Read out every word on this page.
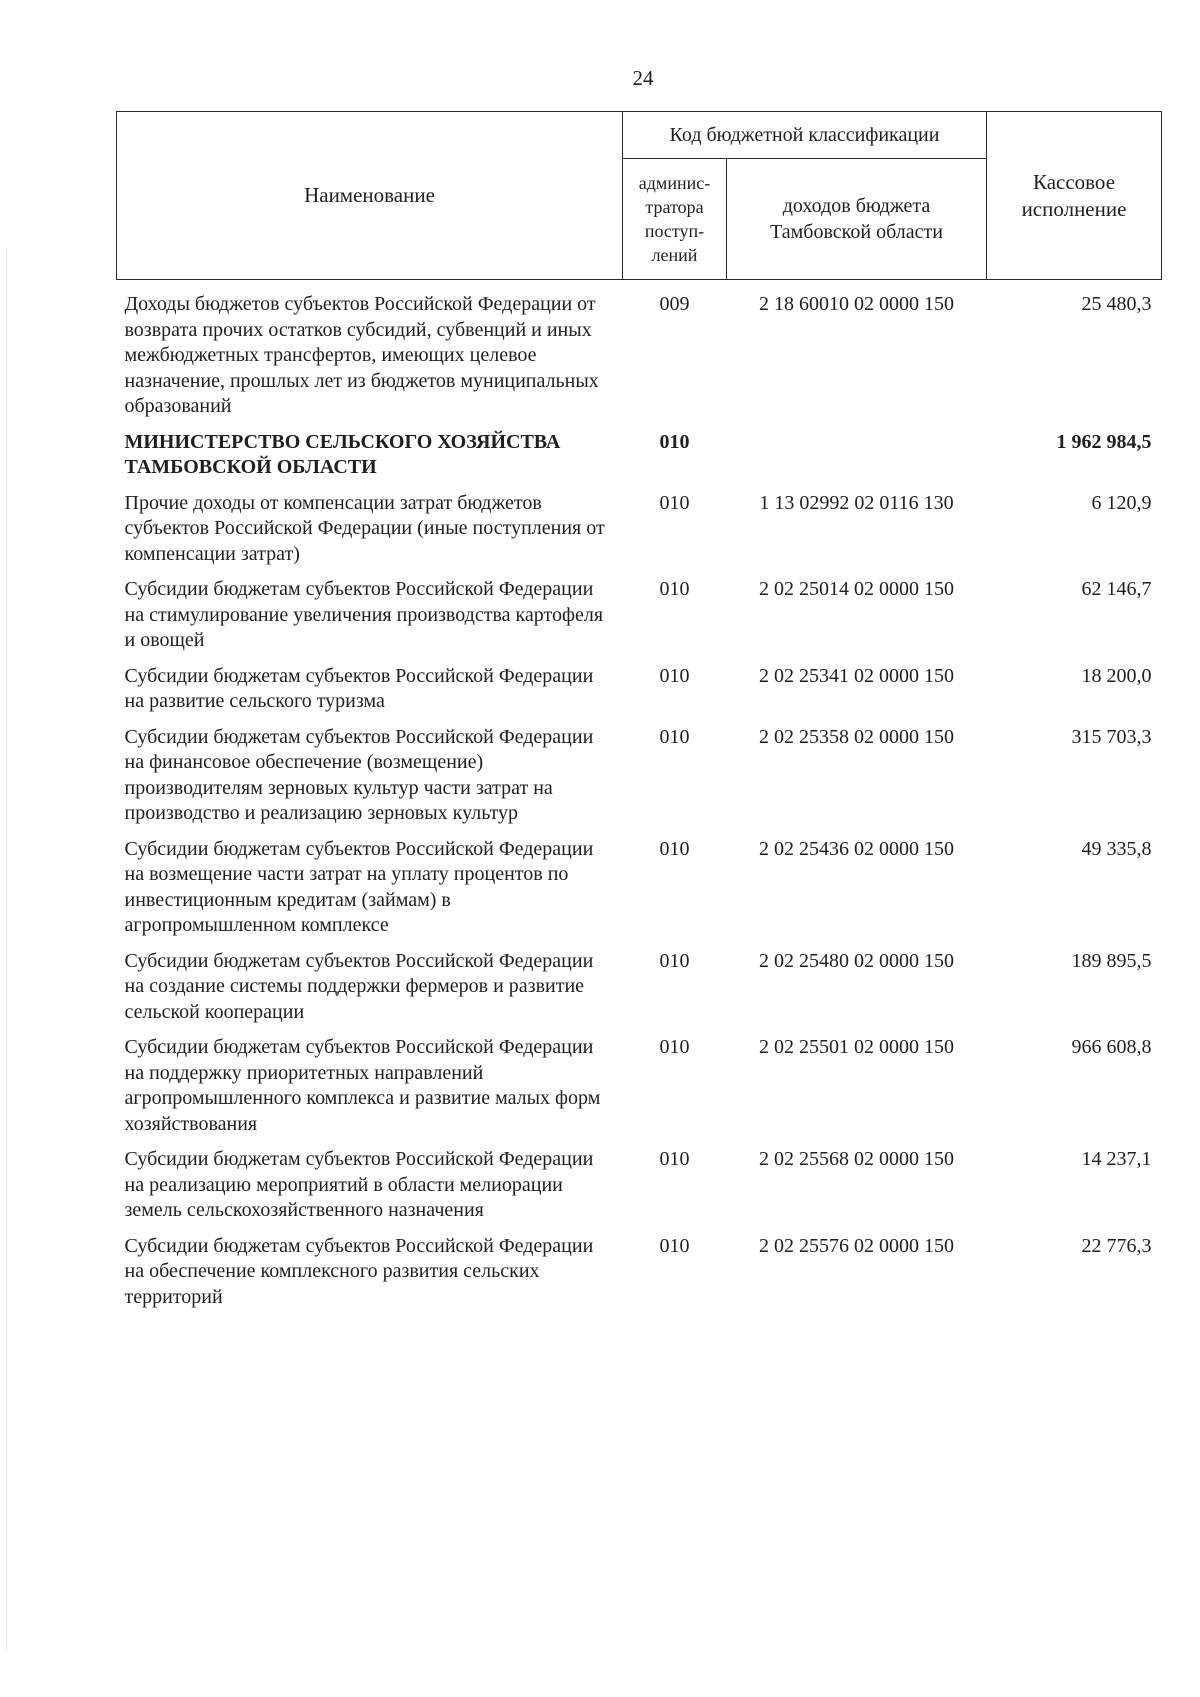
24
Наименование	Код бюджетной классификации		Кассовое
исполнение
	админис-
тратора
поступ-
лений	доходов бюджета
Тамбовской области	
Доходы бюджетов субъектов Российской Федерации от возврата прочих остатков субсидий, субвенций и иных межбюджетных трансфертов, имеющих целевое назначение, прошлых лет из бюджетов муниципальных образований	009	2 18 60010 02 0000 150	25 480,3
МИНИСТЕРСТВО СЕЛЬСКОГО ХОЗЯЙСТВА ТАМБОВСКОЙ ОБЛАСТИ	010		1 962 984,5
Прочие доходы от компенсации затрат бюджетов субъектов Российской Федерации (иные поступления от компенсации затрат)	010	1 13 02992 02 0116 130	6 120,9
Субсидии бюджетам субъектов Российской Федерации на стимулирование увеличения производства картофеля и овощей	010	2 02 25014 02 0000 150	62 146,7
Субсидии бюджетам субъектов Российской Федерации на развитие сельского туризма	010	2 02 25341 02 0000 150	18 200,0
Субсидии бюджетам субъектов Российской Федерации на финансовое обеспечение (возмещение) производителям зерновых культур части затрат на производство и реализацию зерновых культур	010	2 02 25358 02 0000 150	315 703,3
Субсидии бюджетам субъектов Российской Федерации на возмещение части затрат на уплату процентов по инвестиционным кредитам (займам) в агропромышленном комплексе	010	2 02 25436 02 0000 150	49 335,8
Субсидии бюджетам субъектов Российской Федерации на создание системы поддержки фермеров и развитие сельской кооперации	010	2 02 25480 02 0000 150	189 895,5
Субсидии бюджетам субъектов Российской Федерации на поддержку приоритетных направлений агропромышленного комплекса и развитие малых форм хозяйствования	010	2 02 25501 02 0000 150	966 608,8
Субсидии бюджетам субъектов Российской Федерации на реализацию мероприятий в области мелиорации земель сельскохозяйственного назначения	010	2 02 25568 02 0000 150	14 237,1
Субсидии бюджетам субъектов Российской Федерации на обеспечение комплексного развития сельских территорий	010	2 02 25576 02 0000 150	22 776,3
